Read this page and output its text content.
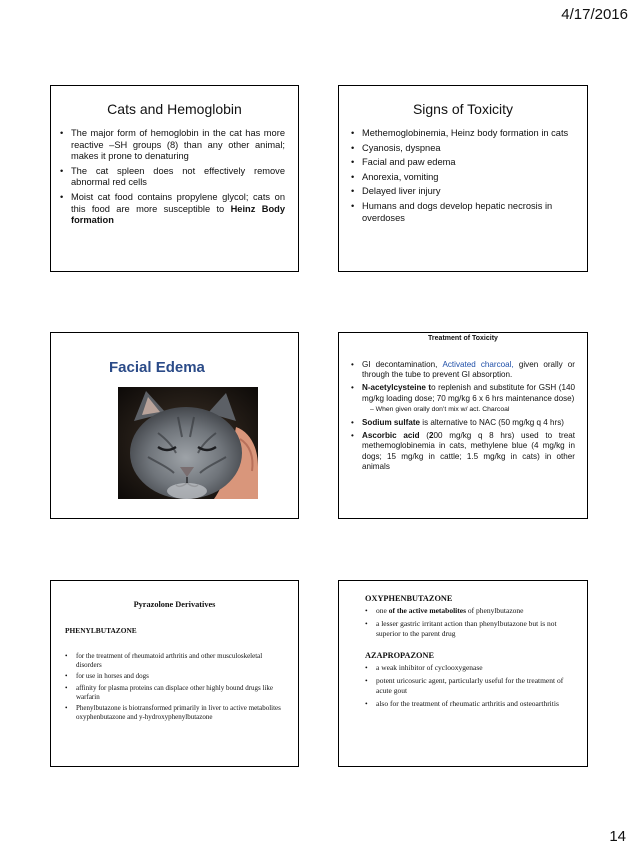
4/17/2016
Cats and Hemoglobin
• The major form of hemoglobin in the cat has more reactive –SH groups (8) than any other animal; makes it prone to denaturing
• The cat spleen does not effectively remove abnormal red cells
• Moist cat food contains propylene glycol; cats on this food are more susceptible to Heinz Body formation
Signs of Toxicity
• Methemoglobinemia, Heinz body formation in cats
• Cyanosis, dyspnea
• Facial and paw edema
• Anorexia, vomiting
• Delayed liver injury
• Humans and dogs develop hepatic necrosis in overdoses
Facial Edema
Treatment of Toxicity
• GI decontamination, Activated charcoal, given orally or through the tube to prevent GI absorption.
• N-acetylcysteine to replenish and substitute for GSH (140 mg/kg loading dose; 70 mg/kg 6 x 6 hrs maintenance dose)
– When given orally don’t mix w/ act. Charcoal
• Sodium sulfate is alternative to NAC (50 mg/kg q 4 hrs)
• Ascorbic acid (200 mg/kg q 8 hrs) used to treat methemoglobinemia in cats, methylene blue (4 mg/kg in dogs; 15 mg/kg in cattle; 1.5 mg/kg in cats) in other animals
Pyrazolone Derivatives
PHENYLBUTAZONE
• for the treatment of rheumatoid arthritis and other musculoskeletal disorders
• for use in horses and dogs
• affinity for plasma proteins can displace other highly bound drugs like warfarin
• Phenylbutazone is biotransformed primarily in liver to active metabolites oxyphenbutazone and y-hydroxyphenylbutazone
OXYPHENBUTAZONE
• one of the active metabolites of phenylbutazone
• a lesser gastric irritant action than phenylbutazone but is not superior to the parent drug
AZAPROPAZONE
• a weak inhibitor of cyclooxygenase
• potent uricosuric agent, particularly useful for the treatment of acute gout
• also for the treatment of rheumatic arthritis and osteoarthritis
14
